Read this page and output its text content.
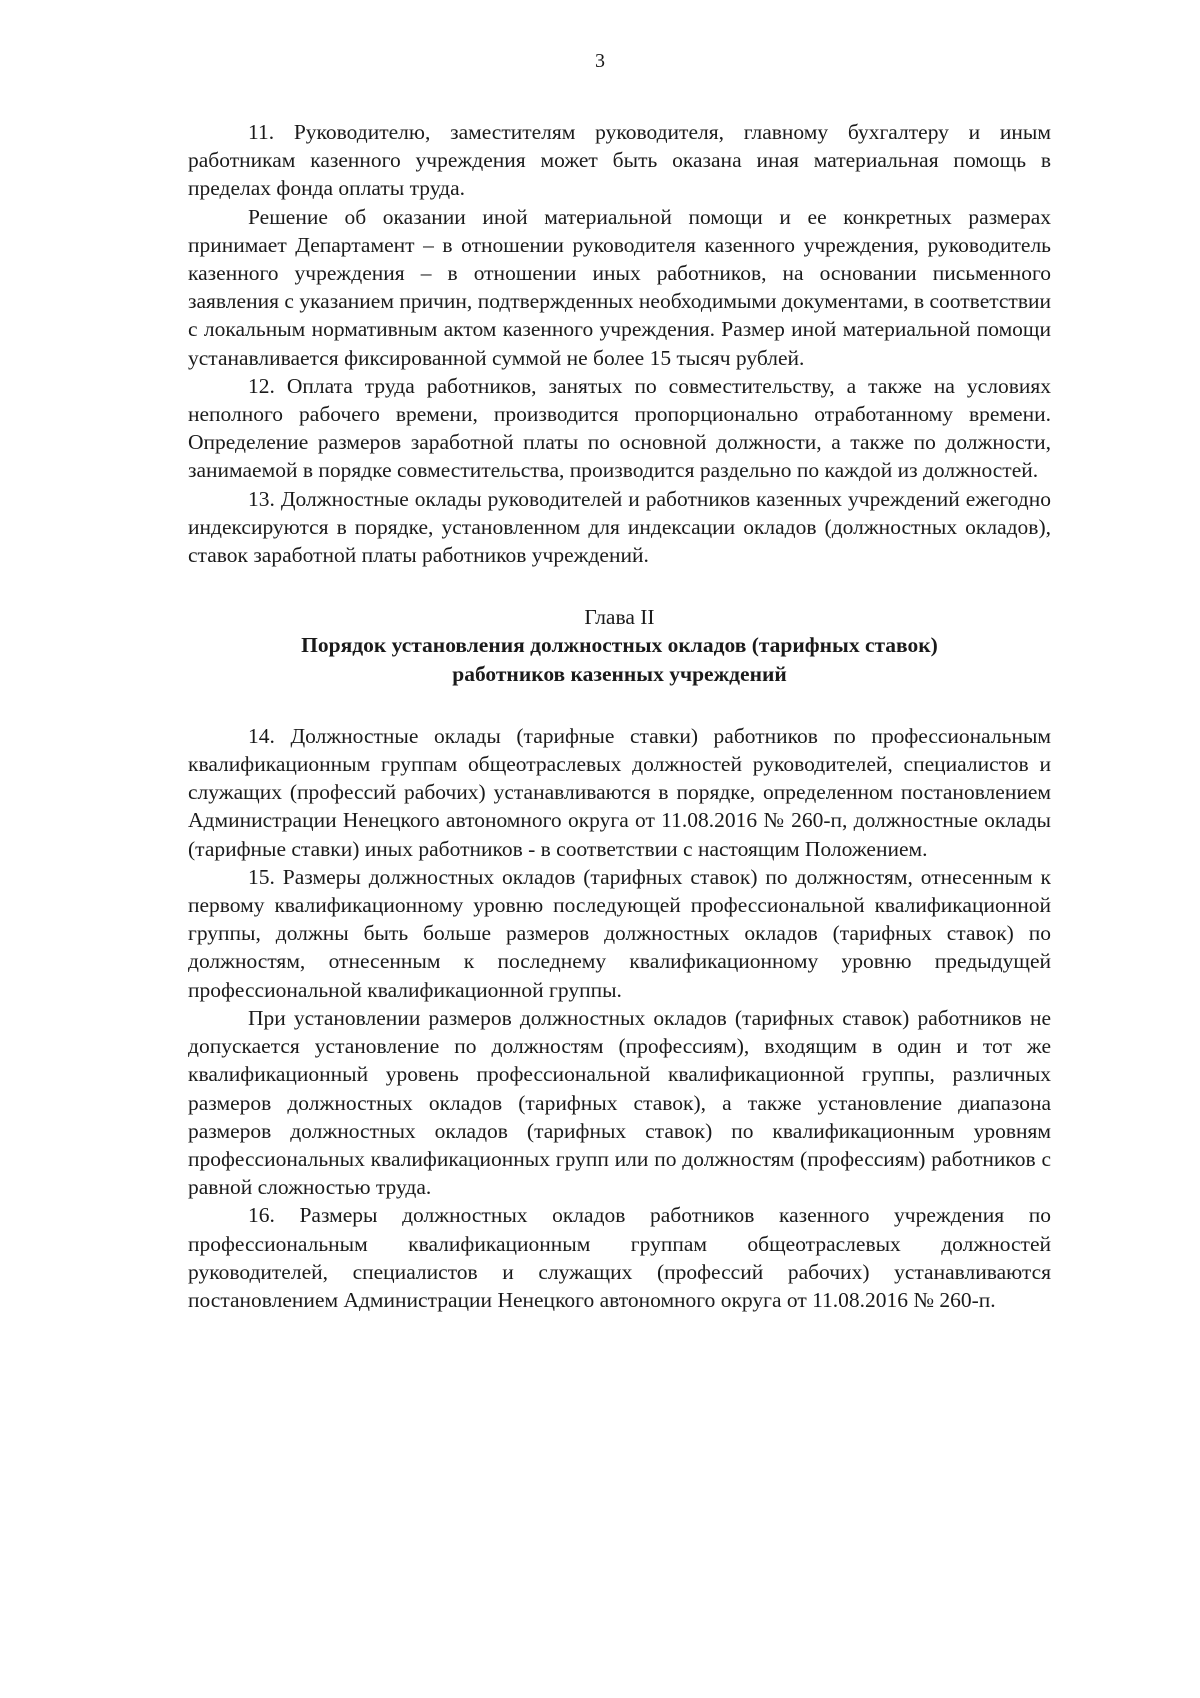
3

11. Руководителю, заместителям руководителя, главному бухгалтеру и иным работникам казенного учреждения может быть оказана иная материальная помощь в пределах фонда оплаты труда.

Решение об оказании иной материальной помощи и ее конкретных размерах принимает Департамент – в отношении руководителя казенного учреждения, руководитель казенного учреждения – в отношении иных работников, на основании письменного заявления с указанием причин, подтвержденных необходимыми документами, в соответствии с локальным нормативным актом казенного учреждения. Размер иной материальной помощи устанавливается фиксированной суммой не более 15 тысяч рублей.

12. Оплата труда работников, занятых по совместительству, а также на условиях неполного рабочего времени, производится пропорционально отработанному времени. Определение размеров заработной платы по основной должности, а также по должности, занимаемой в порядке совместительства, производится раздельно по каждой из должностей.

13. Должностные оклады руководителей и работников казенных учреждений ежегодно индексируются в порядке, установленном для индексации окладов (должностных окладов), ставок заработной платы работников учреждений.

Глава II

Порядок установления должностных окладов (тарифных ставок)

работников казенных учреждений

14. Должностные оклады (тарифные ставки) работников по профессиональным квалификационным группам общеотраслевых должностей руководителей, специалистов и служащих (профессий рабочих) устанавливаются в порядке, определенном постановлением Администрации Ненецкого автономного округа от 11.08.2016 № 260-п, должностные оклады (тарифные ставки) иных работников - в соответствии с настоящим Положением.

15. Размеры должностных окладов (тарифных ставок) по должностям, отнесенным к первому квалификационному уровню последующей профессиональной квалификационной группы, должны быть больше размеров должностных окладов (тарифных ставок) по должностям, отнесенным к последнему квалификационному уровню предыдущей профессиональной квалификационной группы.

При установлении размеров должностных окладов (тарифных ставок) работников не допускается установление по должностям (профессиям), входящим в один и тот же квалификационный уровень профессиональной квалификационной группы, различных размеров должностных окладов (тарифных ставок), а также установление диапазона размеров должностных окладов (тарифных ставок) по квалификационным уровням профессиональных квалификационных групп или по должностям (профессиям) работников с равной сложностью труда.

16. Размеры должностных окладов работников казенного учреждения по профессиональным квалификационным группам общеотраслевых должностей руководителей, специалистов и служащих (профессий рабочих) устанавливаются постановлением Администрации Ненецкого автономного округа от 11.08.2016 № 260-п.
